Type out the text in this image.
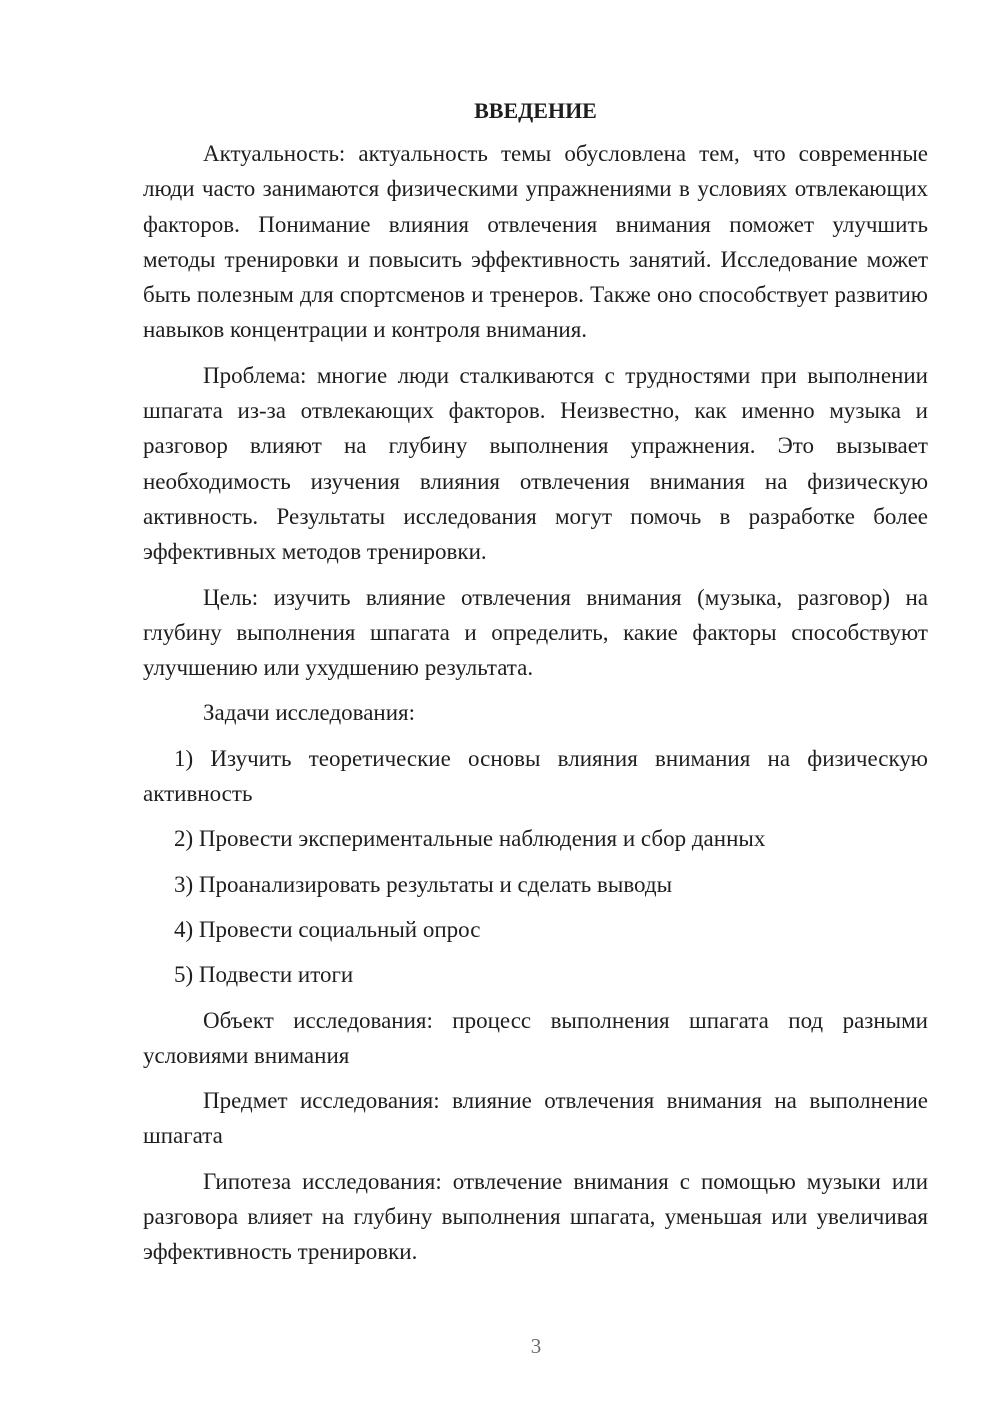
ВВЕДЕНИЕ

Актуальность: актуальность темы обусловлена тем, что современные люди часто занимаются физическими упражнениями в условиях отвлекающих факторов. Понимание влияния отвлечения внимания поможет улучшить методы тренировки и повысить эффективность занятий. Исследование может быть полезным для спортсменов и тренеров. Также оно способствует развитию навыков концентрации и контроля внимания.

Проблема: многие люди сталкиваются с трудностями при выполнении шпагата из-за отвлекающих факторов. Неизвестно, как именно музыка и разговор влияют на глубину выполнения упражнения. Это вызывает необходимость изучения влияния отвлечения внимания на физическую активность. Результаты исследования могут помочь в разработке более эффективных методов тренировки.

Цель: изучить влияние отвлечения внимания (музыка, разговор) на глубину выполнения шпагата и определить, какие факторы способствуют улучшению или ухудшению результата.

Задачи исследования:

1) Изучить теоретические основы влияния внимания на физическую активность

2) Провести экспериментальные наблюдения и сбор данных

3) Проанализировать результаты и сделать выводы

4) Провести социальный опрос

5) Подвести итоги

Объект исследования: процесс выполнения шпагата под разными условиями внимания

Предмет исследования: влияние отвлечения внимания на выполнение шпагата

Гипотеза исследования: отвлечение внимания с помощью музыки или разговора влияет на глубину выполнения шпагата, уменьшая или увеличивая эффективность тренировки.

3
